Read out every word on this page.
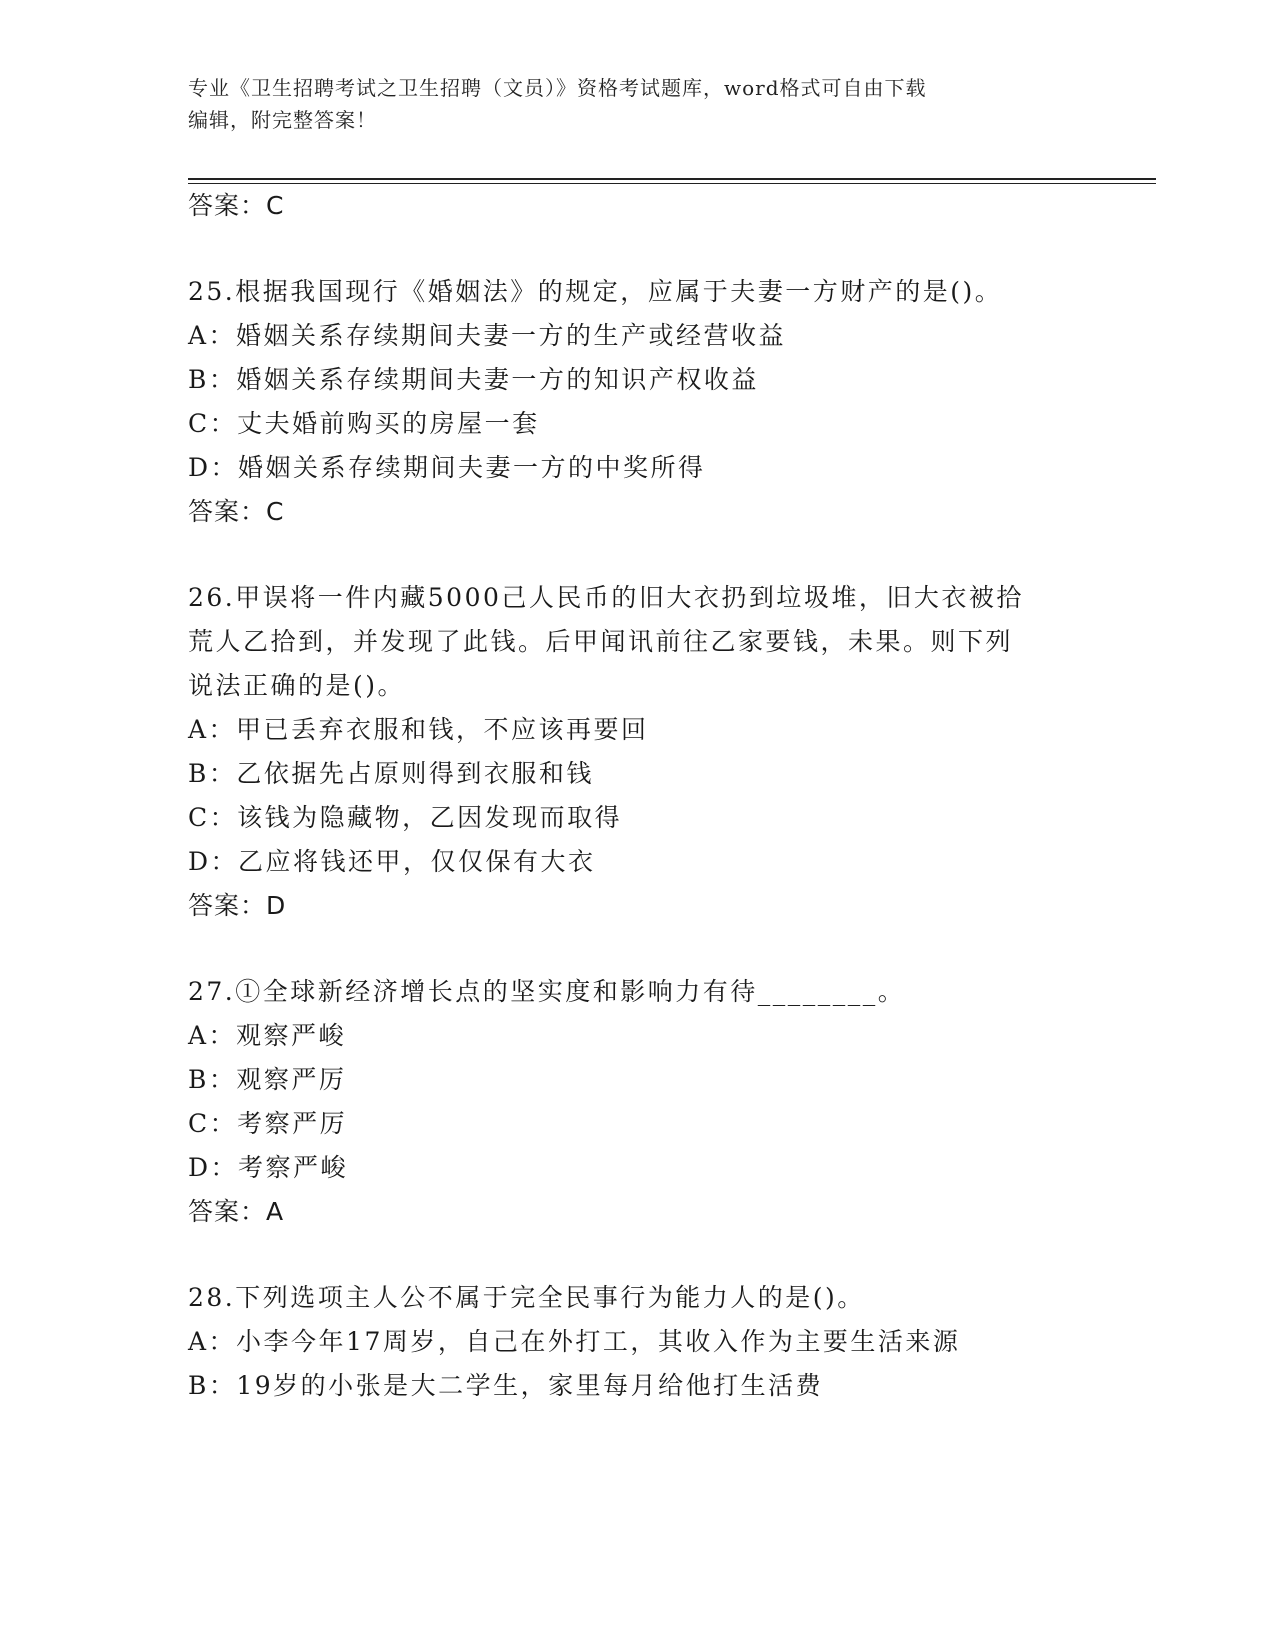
专业《卫生招聘考试之卫生招聘（文员）》资格考试题库，word格式可自由下载
编辑，附完整答案！
答案：C
25.根据我国现行《婚姻法》的规定，应属于夫妻一方财产的是()。
A：婚姻关系存续期间夫妻一方的生产或经营收益
B：婚姻关系存续期间夫妻一方的知识产权收益
C：丈夫婚前购买的房屋一套
D：婚姻关系存续期间夫妻一方的中奖所得
答案：C
26.甲误将一件内藏5000己人民币的旧大衣扔到垃圾堆，旧大衣被拾
荒人乙拾到，并发现了此钱。后甲闻讯前往乙家要钱，未果。则下列
说法正确的是()。
A：甲已丢弃衣服和钱，不应该再要回
B：乙依据先占原则得到衣服和钱
C：该钱为隐藏物，乙因发现而取得
D：乙应将钱还甲，仅仅保有大衣
答案：D
27.①全球新经济增长点的坚实度和影响力有待________。
A：观察严峻
B：观察严厉
C：考察严厉
D：考察严峻
答案：A
28.下列选项主人公不属于完全民事行为能力人的是()。
A：小李今年17周岁，自己在外打工，其收入作为主要生活来源
B：19岁的小张是大二学生，家里每月给他打生活费
